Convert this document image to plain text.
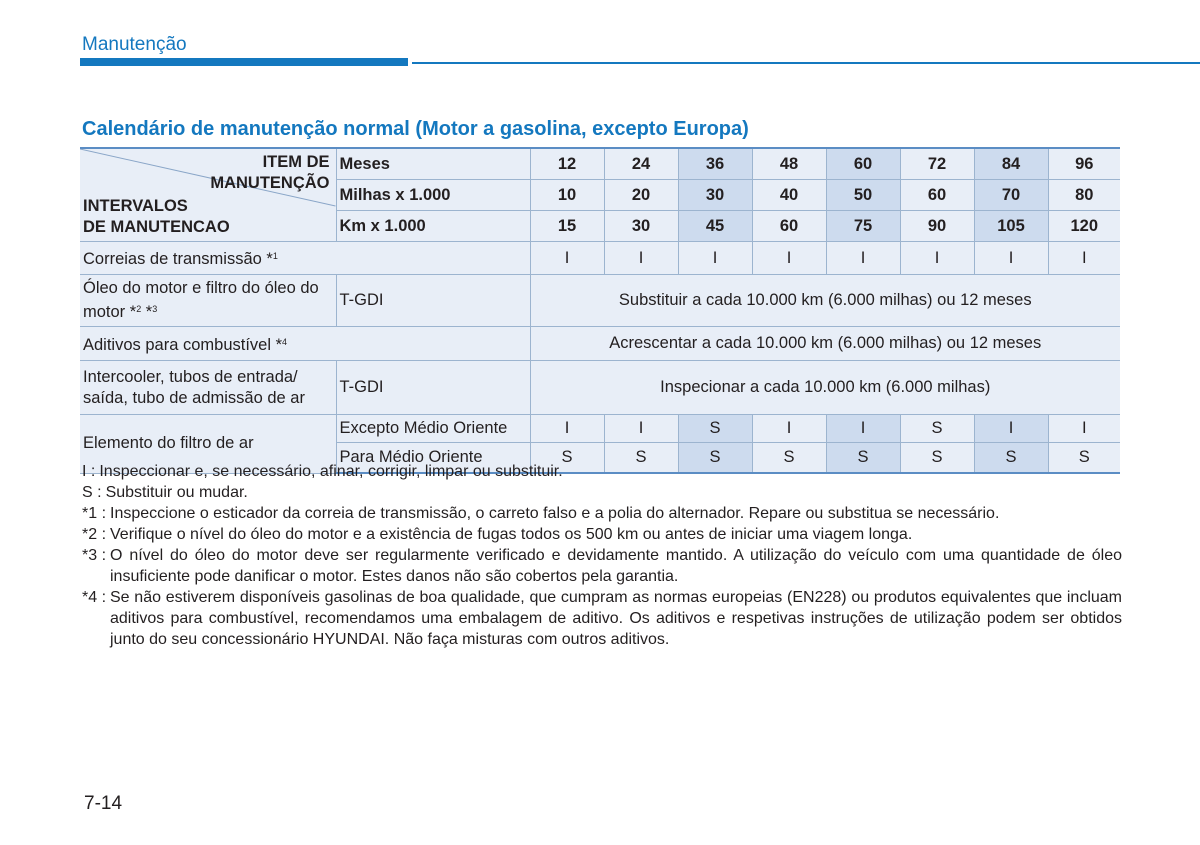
Manutenção
Calendário de manutenção normal (Motor a gasolina, excepto Europa)
ITEM DE
MANUTENÇÃO
INTERVALOS
DE MANUTENCAO	Meses	12	24	36	48	60	72	84	96
	Milhas x 1.000	10	20	30	40	50	60	70	80
	Km x 1.000	15	30	45	60	75	90	105	120
Correias de transmissão *$^1$		I	I	I	I	I	I	I	I
Óleo do motor e filtro do óleo do motor *$^2$ *$^3$	T-GDI	Substituir a cada 10.000 km (6.000 milhas) ou 12 meses							
Aditivos para combustível *$^4$		Acrescentar a cada 10.000 km (6.000 milhas) ou 12 meses							
Intercooler, tubos de entrada/ saída, tubo de admissão de ar	T-GDI	Inspecionar a cada 10.000 km (6.000 milhas)							
Elemento do filtro de ar	Excepto Médio Oriente	I	I	S	I	I	S	I	I
	Para Médio Oriente	S	S	S	S	S	S	S	S
I : Inspeccionar e, se necessário, afinar, corrigir, limpar ou substituir.
S : Substituir ou mudar.
*1 : Inspeccione o esticador da correia de transmissão, o carreto falso e a polia do alternador. Repare ou substitua se necessário.
*2 : Verifique o nível do óleo do motor e a existência de fugas todos os 500 km ou antes de iniciar uma viagem longa.
*3 : O nível do óleo do motor deve ser regularmente verificado e devidamente mantido. A utilização do veículo com uma quantidade de óleo insuficiente pode danificar o motor. Estes danos não são cobertos pela garantia.
*4 : Se não estiverem disponíveis gasolinas de boa qualidade, que cumpram as normas europeias (EN228) ou produtos equivalentes que incluam aditivos para combustível, recomendamos uma embalagem de aditivo. Os aditivos e respetivas instruções de utilização podem ser obtidos junto do seu concessionário HYUNDAI. Não faça misturas com outros aditivos.
7-14
